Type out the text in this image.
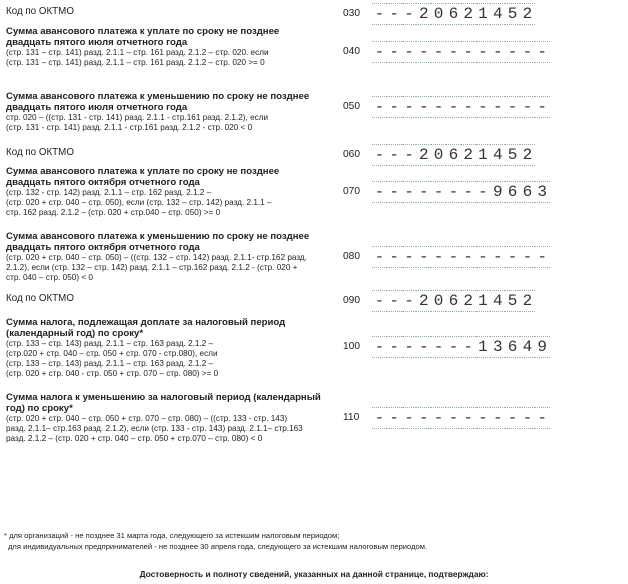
Код по ОКТМО	030 - - - 2 0 6 2 1 4 5 2
Сумма авансового платежа к уплате по сроку не позднее двадцать пятого июля отчетного года
(стр. 131 – стр. 141) разд. 2.1.1 – стр. 161 разд. 2.1.2 – стр. 020. если
(стр. 131 – стр. 141) разд. 2.1.1 – стр. 161 разд. 2.1.2 – стр. 020 >= 0
040 - - - - - - - - - - - -
Сумма авансового платежа к уменьшению по сроку не позднее двадцать пятого июля отчетного года
стр. 020 – ((стр. 131 - стр. 141) разд. 2.1.1 - стр.161 разд. 2.1.2), если
(стр. 131 - стр. 141) разд. 2.1.1 - стр.161 разд. 2.1.2 - стр. 020 < 0
050 - - - - - - - - - - - -
Код по ОКТМО	060 - - - 2 0 6 2 1 4 5 2
Сумма авансового платежа к уплате по сроку не позднее двадцать пятого октября отчетного года
(стр. 132 - стр. 142) разд. 2.1.1 – стр. 162 разд. 2.1.2 –
(стр. 020 + стр. 040 – стр. 050), если (стр. 132 – стр. 142) разд. 2.1.1 –
стр. 162 разд. 2.1.2 – (стр. 020 + стр.040 – стр. 050) >= 0
070 - - - - - - - - 9 6 6 3
Сумма авансового платежа к уменьшению по сроку не позднее двадцать пятого октября отчетного года
(стр. 020 + стр. 040 – стр. 050) – ((стр. 132 – стр. 142) разд. 2.1.1- стр.162 разд.
2.1.2), если (стр. 132 – стр. 142) разд. 2.1.1 – стр.162 разд. 2.1.2 - (стр. 020 +
стр. 040 – стр. 050) < 0
080 - - - - - - - - - - - -
Код по ОКТМО	090 - - - 2 0 6 2 1 4 5 2
Сумма налога, подлежащая доплате за налоговый период (календарный год) по сроку*
(стр. 133 – стр. 143) разд. 2.1.1 – стр. 163 разд. 2.1.2 –
(стр.020 + стр. 040 – стр. 050 + стр. 070 - стр.080), если
(стр. 133 – стр. 143) разд. 2.1.1 – стр. 163 разд. 2.1.2 –
(стр. 020 + стр. 040 - стр. 050 + стр. 070 – стр. 080) >= 0
100 - - - - - - - 1 3 6 4 9
Сумма налога к уменьшению за налоговый период (календарный год) по сроку*
(стр. 020 + стр. 040 – стр. 050 + стр. 070 – стр. 080) – ((стр. 133 - стр. 143)
разд. 2.1.1– стр.163 разд. 2.1.2), если (стр. 133 - стр. 143) разд. 2.1.1– стр.163
разд. 2.1.2 – (стр. 020 + стр. 040 – стр. 050 + стр.070 – стр. 080) < 0
110 - - - - - - - - - - - -
* для организаций - не позднее 31 марта года, следующего за истекшим налоговым периодом;
для индивидуальных предпринимателей - не позднее 30 апреля года, следующего за истекшим налоговым периодом.
Достоверность и полноту сведений, указанных на данной странице, подтверждаю:
